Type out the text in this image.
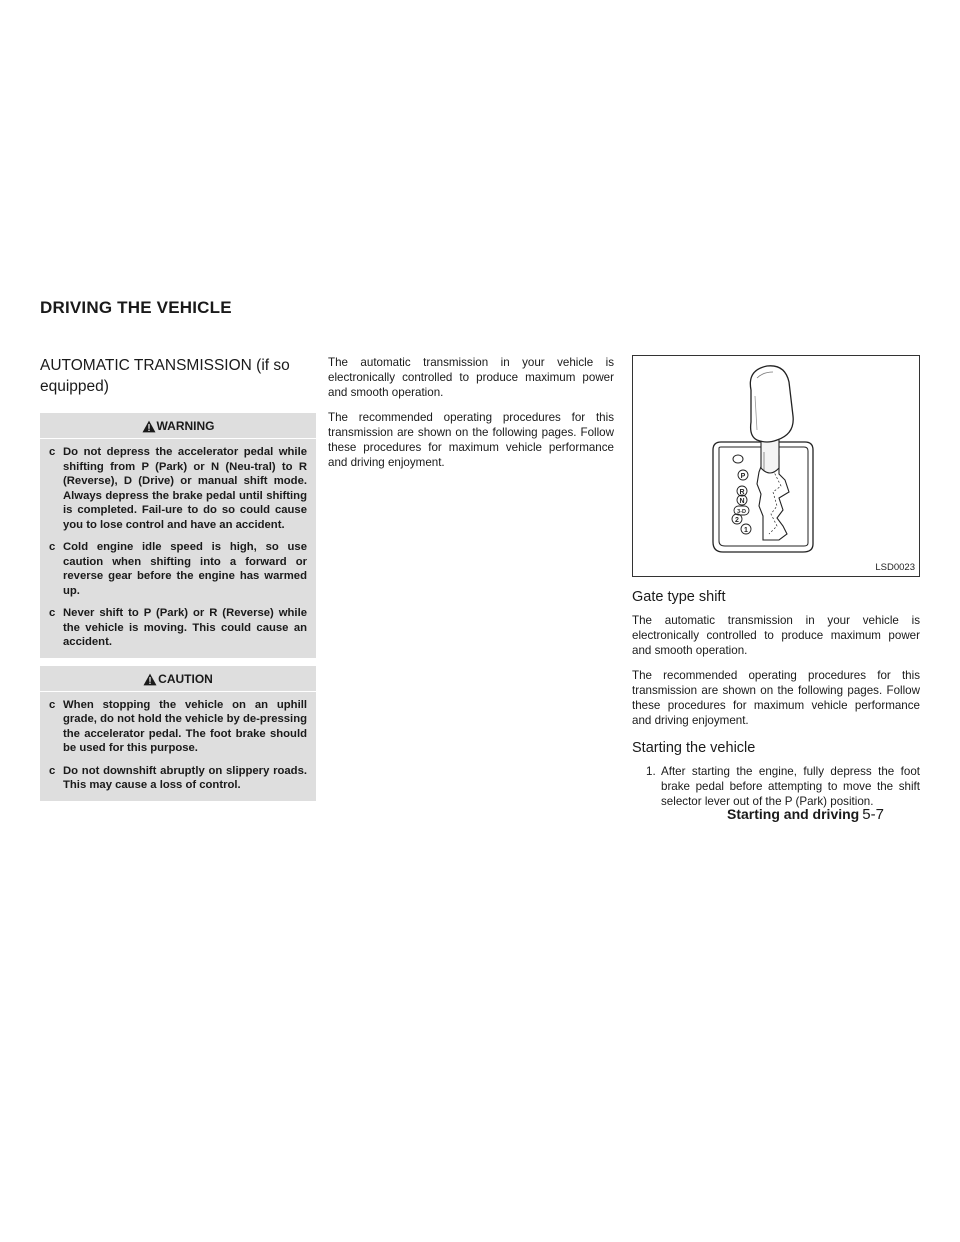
DRIVING THE VEHICLE
AUTOMATIC TRANSMISSION (if so equipped)
WARNING
c Do not depress the accelerator pedal while shifting from P (Park) or N (Neu-tral) to R (Reverse), D (Drive) or manual shift mode. Always depress the brake pedal until shifting is completed. Fail-ure to do so could cause you to lose control and have an accident.
c Cold engine idle speed is high, so use caution when shifting into a forward or reverse gear before the engine has warmed up.
c Never shift to P (Park) or R (Reverse) while the vehicle is moving. This could cause an accident.
CAUTION
c When stopping the vehicle on an uphill grade, do not hold the vehicle by de-pressing the accelerator pedal. The foot brake should be used for this purpose.
c Do not downshift abruptly on slippery roads. This may cause a loss of control.

The automatic transmission in your vehicle is electronically controlled to produce maximum power and smooth operation.

The recommended operating procedures for this transmission are shown on the following pages. Follow these procedures for maximum vehicle performance and driving enjoyment.

P
R
N
3-D
2
1
LSD0023
Gate type shift

The automatic transmission in your vehicle is electronically controlled to produce maximum power and smooth operation.

The recommended operating procedures for this transmission are shown on the following pages. Follow these procedures for maximum vehicle performance and driving enjoyment.

Starting the vehicle
1. After starting the engine, fully depress the foot brake pedal before attempting to move the shift selector lever out of the P (Park) position.
Starting and driving 5-7
